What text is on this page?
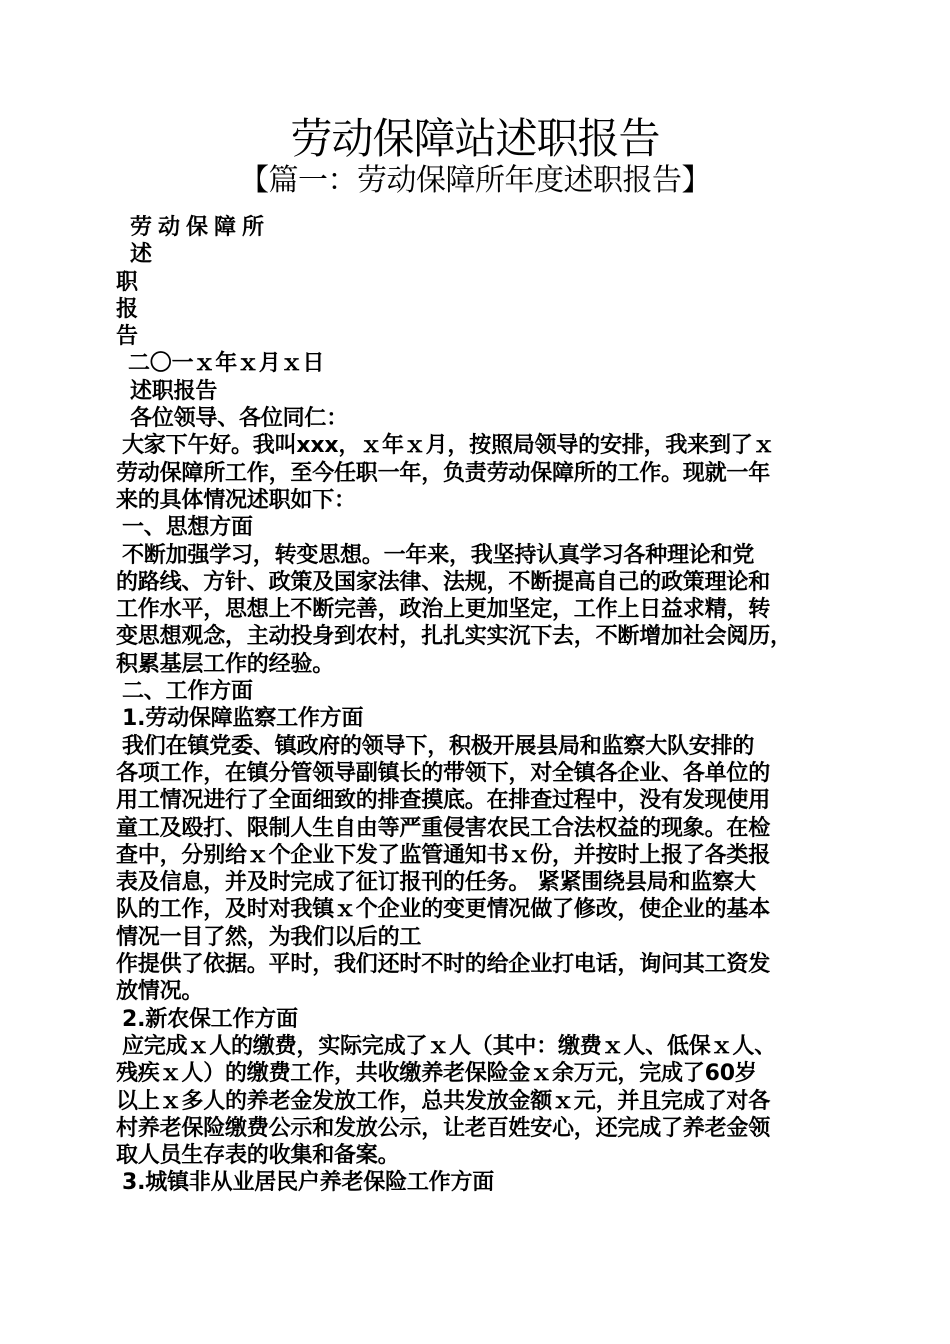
劳动保障站述职报告
【篇一：劳动保障所年度述职报告】
劳动保障所
述
职
报
告
二〇一ｘ年ｘ月ｘ日
述职报告
各位领导、各位同仁：
大家下午好。我叫xxx，ｘ年ｘ月，按照局领导的安排，我来到了ｘ
劳动保障所工作，至今任职一年，负责劳动保障所的工作。现就一年
来的具体情况述职如下：
一、思想方面
不断加强学习，转变思想。一年来，我坚持认真学习各种理论和党
的路线、方针、政策及国家法律、法规，不断提高自己的政策理论和
工作水平，思想上不断完善，政治上更加坚定，工作上日益求精，转
变思想观念，主动投身到农村，扎扎实实沉下去，不断增加社会阅历，
积累基层工作的经验。
二、工作方面
1.劳动保障监察工作方面
我们在镇党委、镇政府的领导下，积极开展县局和监察大队安排的
各项工作，在镇分管领导副镇长的带领下，对全镇各企业、各单位的
用工情况进行了全面细致的排查摸底。在排查过程中，没有发现使用
童工及殴打、限制人生自由等严重侵害农民工合法权益的现象。在检
查中，分别给ｘ个企业下发了监管通知书ｘ份，并按时上报了各类报
表及信息，并及时完成了征订报刊的任务。 紧紧围绕县局和监察大
队的工作，及时对我镇ｘ个企业的变更情况做了修改，使企业的基本
情况一目了然，为我们以后的工
作提供了依据。平时，我们还时不时的给企业打电话，询问其工资发
放情况。
2.新农保工作方面
应完成ｘ人的缴费，实际完成了ｘ人（其中：缴费ｘ人、低保ｘ人、
残疾ｘ人）的缴费工作，共收缴养老保险金ｘ余万元，完成了60岁
以上ｘ多人的养老金发放工作，总共发放金额ｘ元，并且完成了对各
村养老保险缴费公示和发放公示，让老百姓安心，还完成了养老金领
取人员生存表的收集和备案。
3.城镇非从业居民户养老保险工作方面
